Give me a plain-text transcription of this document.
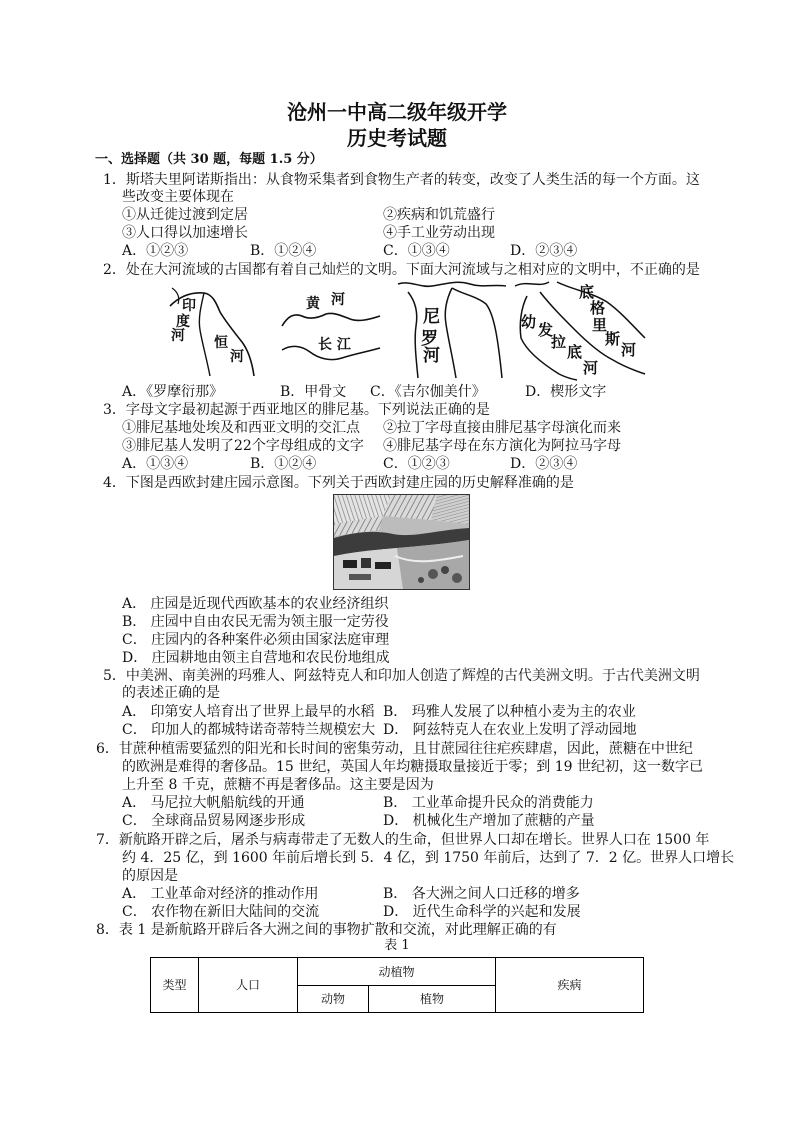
沧州一中高二级年级开学
历史考试题
一、选择题（共 30 题，每题 1.5 分）
1．斯塔夫里阿诺斯指出：从食物采集者到食物生产者的转变，改变了人类生活的每一个方面。这
些改变主要体现在
①从迁徙过渡到定居	②疾病和饥荒盛行
③人口得以加速增长	④手工业劳动出现
A．①②③	B．①②④	C．①③④	D．②③④
2．处在大河流域的古国都有着自己灿烂的文明。下面大河流域与之相对应的文明中，不正确的是
印
度
河 恒
河
黄 河
长 江
尼
罗
河
底
格
里
斯
河
幼 发
拉
底
河
A．《罗摩衍那》	B．甲骨文 C．《吉尔伽美什》	D．楔形文字
3．字母文字最初起源于西亚地区的腓尼基。下列说法正确的是
①腓尼基地处埃及和西亚文明的交汇点 ②拉丁字母直接由腓尼基字母演化而来
③腓尼基人发明了22个字母组成的文字 ④腓尼基字母在东方演化为阿拉马字母
A．①③④	B．①②④	C．①②③	D．②③④
4．下图是西欧封建庄园示意图。下列关于西欧封建庄园的历史解释准确的是
A． 庄园是近现代西欧基本的农业经济组织
B． 庄园中自由农民无需为领主服一定劳役
C． 庄园内的各种案件必须由国家法庭审理
D． 庄园耕地由领主自营地和农民份地组成
5．中美洲、南美洲的玛雅人、阿兹特克人和印加人创造了辉煌的古代美洲文明。于古代美洲文明
的表述正确的是
A． 印第安人培育出了世界上最早的水稻 B． 玛雅人发展了以种植小麦为主的农业
C． 印加人的都城特诺奇蒂特兰规模宏大 D． 阿兹特克人在农业上发明了浮动园地
6．甘蔗种植需要猛烈的阳光和长时间的密集劳动，且甘蔗园往往疟疾肆虐，因此，蔗糖在中世纪
的欧洲是难得的奢侈品。15 世纪，英国人年均糖摄取量接近于零；到 19 世纪初，这一数字已
上升至 8 千克，蔗糖不再是奢侈品。这主要是因为
A． 马尼拉大帆船航线的开通	B． 工业革命提升民众的消费能力
C． 全球商品贸易网逐步形成	D． 机械化生产增加了蔗糖的产量
7．新航路开辟之后，屠杀与病毒带走了无数人的生命，但世界人口却在增长。世界人口在 1500 年
约 4．25 亿，到 1600 年前后增长到 5．4 亿，到 1750 年前后，达到了 7．2 亿。世界人口增长
的原因是
A． 工业革命对经济的推动作用	B． 各大洲之间人口迁移的增多
C． 农作物在新旧大陆间的交流	D． 近代生命科学的兴起和发展
8．表 1 是新航路开辟后各大洲之间的事物扩散和交流，对此理解正确的有
表 1
类型	人口	动植物		疾病
		动物	植物	
